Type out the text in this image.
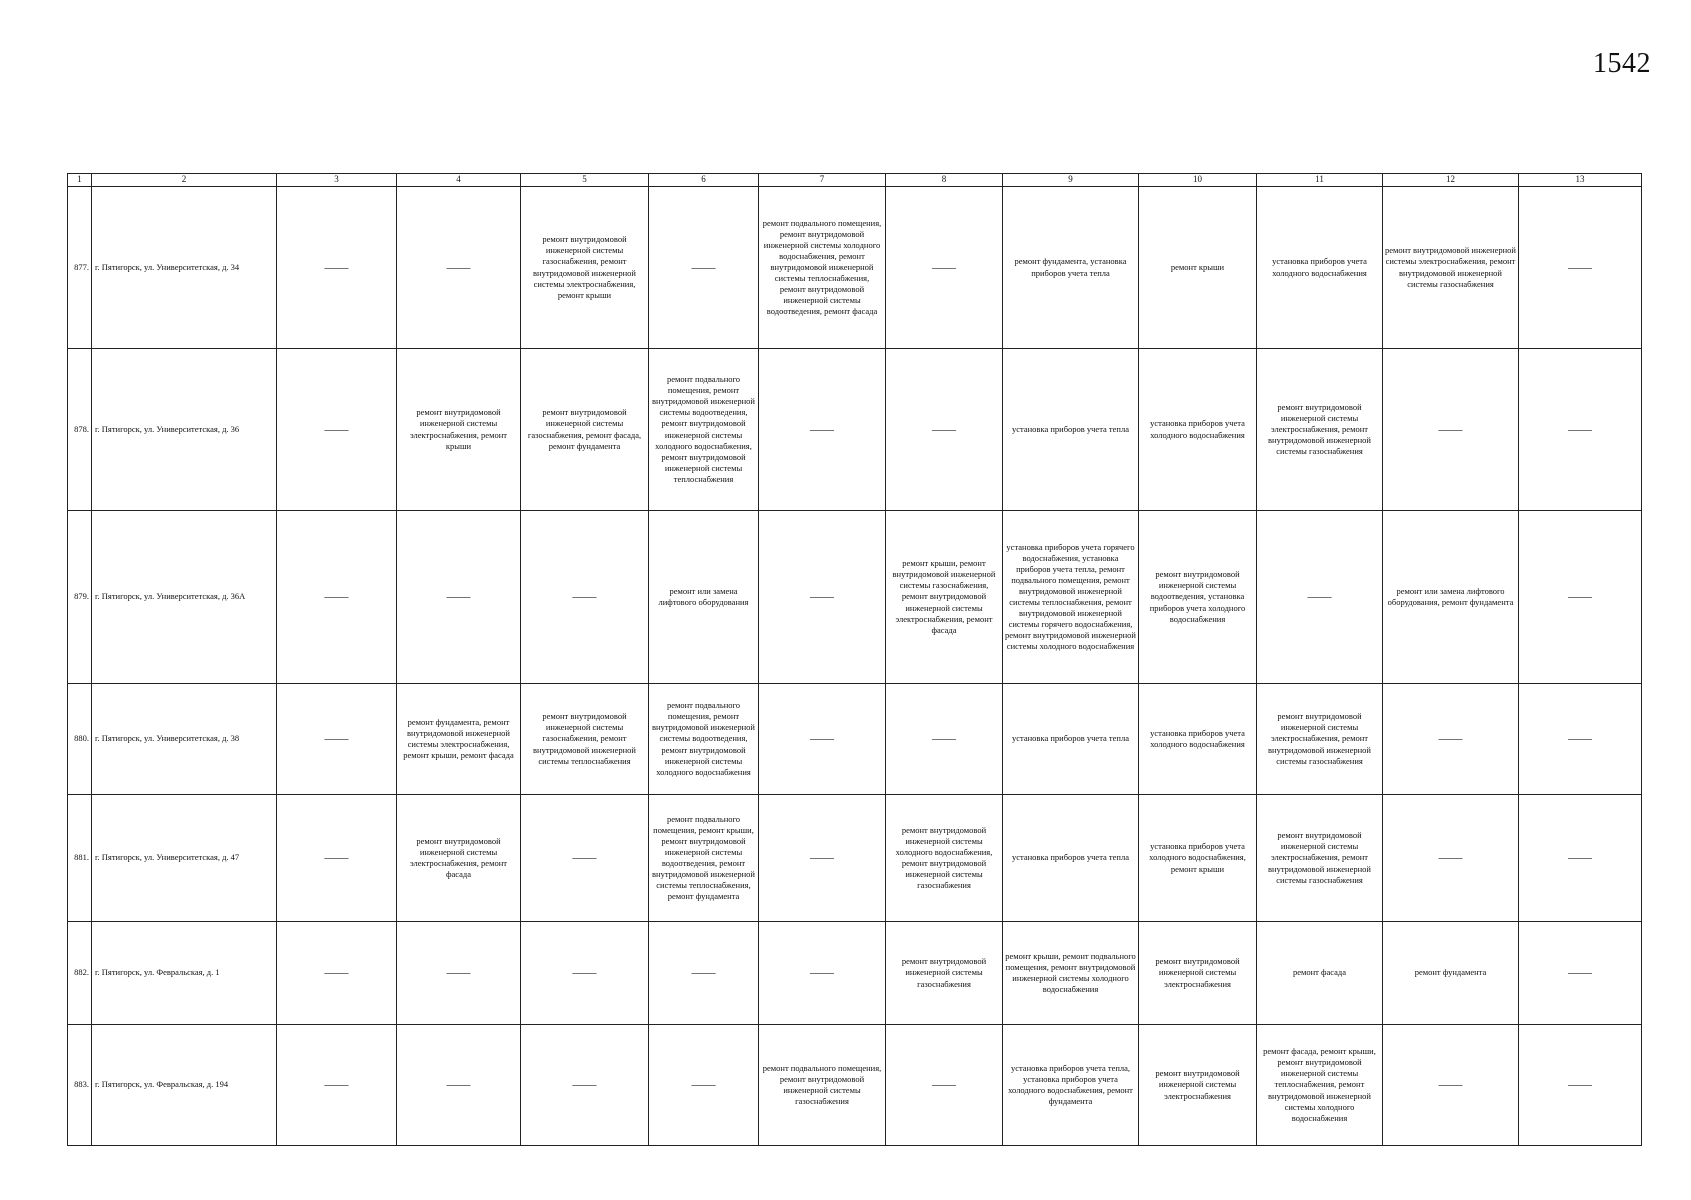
1542
1	2	3	4	5	6	7	8	9	10	11	12	13
877.	г. Пятигорск, ул. Университетская, д. 34	——	——	ремонт внутридомовой инженерной системы газоснабжения, ремонт внутридомовой инженерной системы электроснабжения, ремонт крыши	——	ремонт подвального помещения, ремонт внутридомовой инженерной системы холодного водоснабжения, ремонт внутридомовой инженерной системы теплоснабжения, ремонт внутридомовой инженерной системы водоотведения, ремонт фасада	——	ремонт фундамента, установка приборов учета тепла	ремонт крыши	установка приборов учета холодного водоснабжения	ремонт внутридомовой инженерной системы электроснабжения, ремонт внутридомовой инженерной системы газоснабжения	——
878.	г. Пятигорск, ул. Университетская, д. 36	——	ремонт внутридомовой инженерной системы электроснабжения, ремонт крыши	ремонт внутридомовой инженерной системы газоснабжения, ремонт фасада, ремонт фундамента	ремонт подвального помещения, ремонт внутридомовой инженерной системы водоотведения, ремонт внутридомовой инженерной системы холодного водоснабжения, ремонт внутридомовой инженерной системы теплоснабжения	——	——	установка приборов учета тепла	установка приборов учета холодного водоснабжения	ремонт внутридомовой инженерной системы электроснабжения, ремонт внутридомовой инженерной системы газоснабжения	——	——
879.	г. Пятигорск, ул. Университетская, д. 36А	——	——	——	ремонт или замена лифтового оборудования	——	ремонт крыши, ремонт внутридомовой инженерной системы газоснабжения, ремонт внутридомовой инженерной системы электроснабжения, ремонт фасада	установка приборов учета горячего водоснабжения, установка приборов учета тепла, ремонт подвального помещения, ремонт внутридомовой инженерной системы теплоснабжения, ремонт внутридомовой инженерной системы горячего водоснабжения, ремонт внутридомовой инженерной системы холодного водоснабжения	ремонт внутридомовой инженерной системы водоотведения, установка приборов учета холодного водоснабжения	——	ремонт или замена лифтового оборудования, ремонт фундамента	——
880.	г. Пятигорск, ул. Университетская, д. 38	——	ремонт фундамента, ремонт внутридомовой инженерной системы электроснабжения, ремонт крыши, ремонт фасада	ремонт внутридомовой инженерной системы газоснабжения, ремонт внутридомовой инженерной системы теплоснабжения	ремонт подвального помещения, ремонт внутридомовой инженерной системы водоотведения, ремонт внутридомовой инженерной системы холодного водоснабжения	——	——	установка приборов учета тепла	установка приборов учета холодного водоснабжения	ремонт внутридомовой инженерной системы электроснабжения, ремонт внутридомовой инженерной системы газоснабжения	——	——
881.	г. Пятигорск, ул. Университетская, д. 47	——	ремонт внутридомовой инженерной системы электроснабжения, ремонт фасада	——	ремонт подвального помещения, ремонт крыши, ремонт внутридомовой инженерной системы водоотведения, ремонт внутридомовой инженерной системы теплоснабжения, ремонт фундамента	——	ремонт внутридомовой инженерной системы холодного водоснабжения, ремонт внутридомовой инженерной системы газоснабжения	установка приборов учета тепла	установка приборов учета холодного водоснабжения, ремонт крыши	ремонт внутридомовой инженерной системы электроснабжения, ремонт внутридомовой инженерной системы газоснабжения	——	——
882.	г. Пятигорск, ул. Февральская, д. 1	——	——	——	——	——	ремонт внутридомовой инженерной системы газоснабжения	ремонт крыши, ремонт подвального помещения, ремонт внутридомовой инженерной системы холодного водоснабжения	ремонт внутридомовой инженерной системы электроснабжения	ремонт фасада	ремонт фундамента	——
883.	г. Пятигорск, ул. Февральская, д. 194	——	——	——	——	ремонт подвального помещения, ремонт внутридомовой инженерной системы газоснабжения	——	установка приборов учета тепла, установка приборов учета холодного водоснабжения, ремонт фундамента	ремонт внутридомовой инженерной системы электроснабжения	ремонт фасада, ремонт крыши, ремонт внутридомовой инженерной системы теплоснабжения, ремонт внутридомовой инженерной системы холодного водоснабжения	——	——
